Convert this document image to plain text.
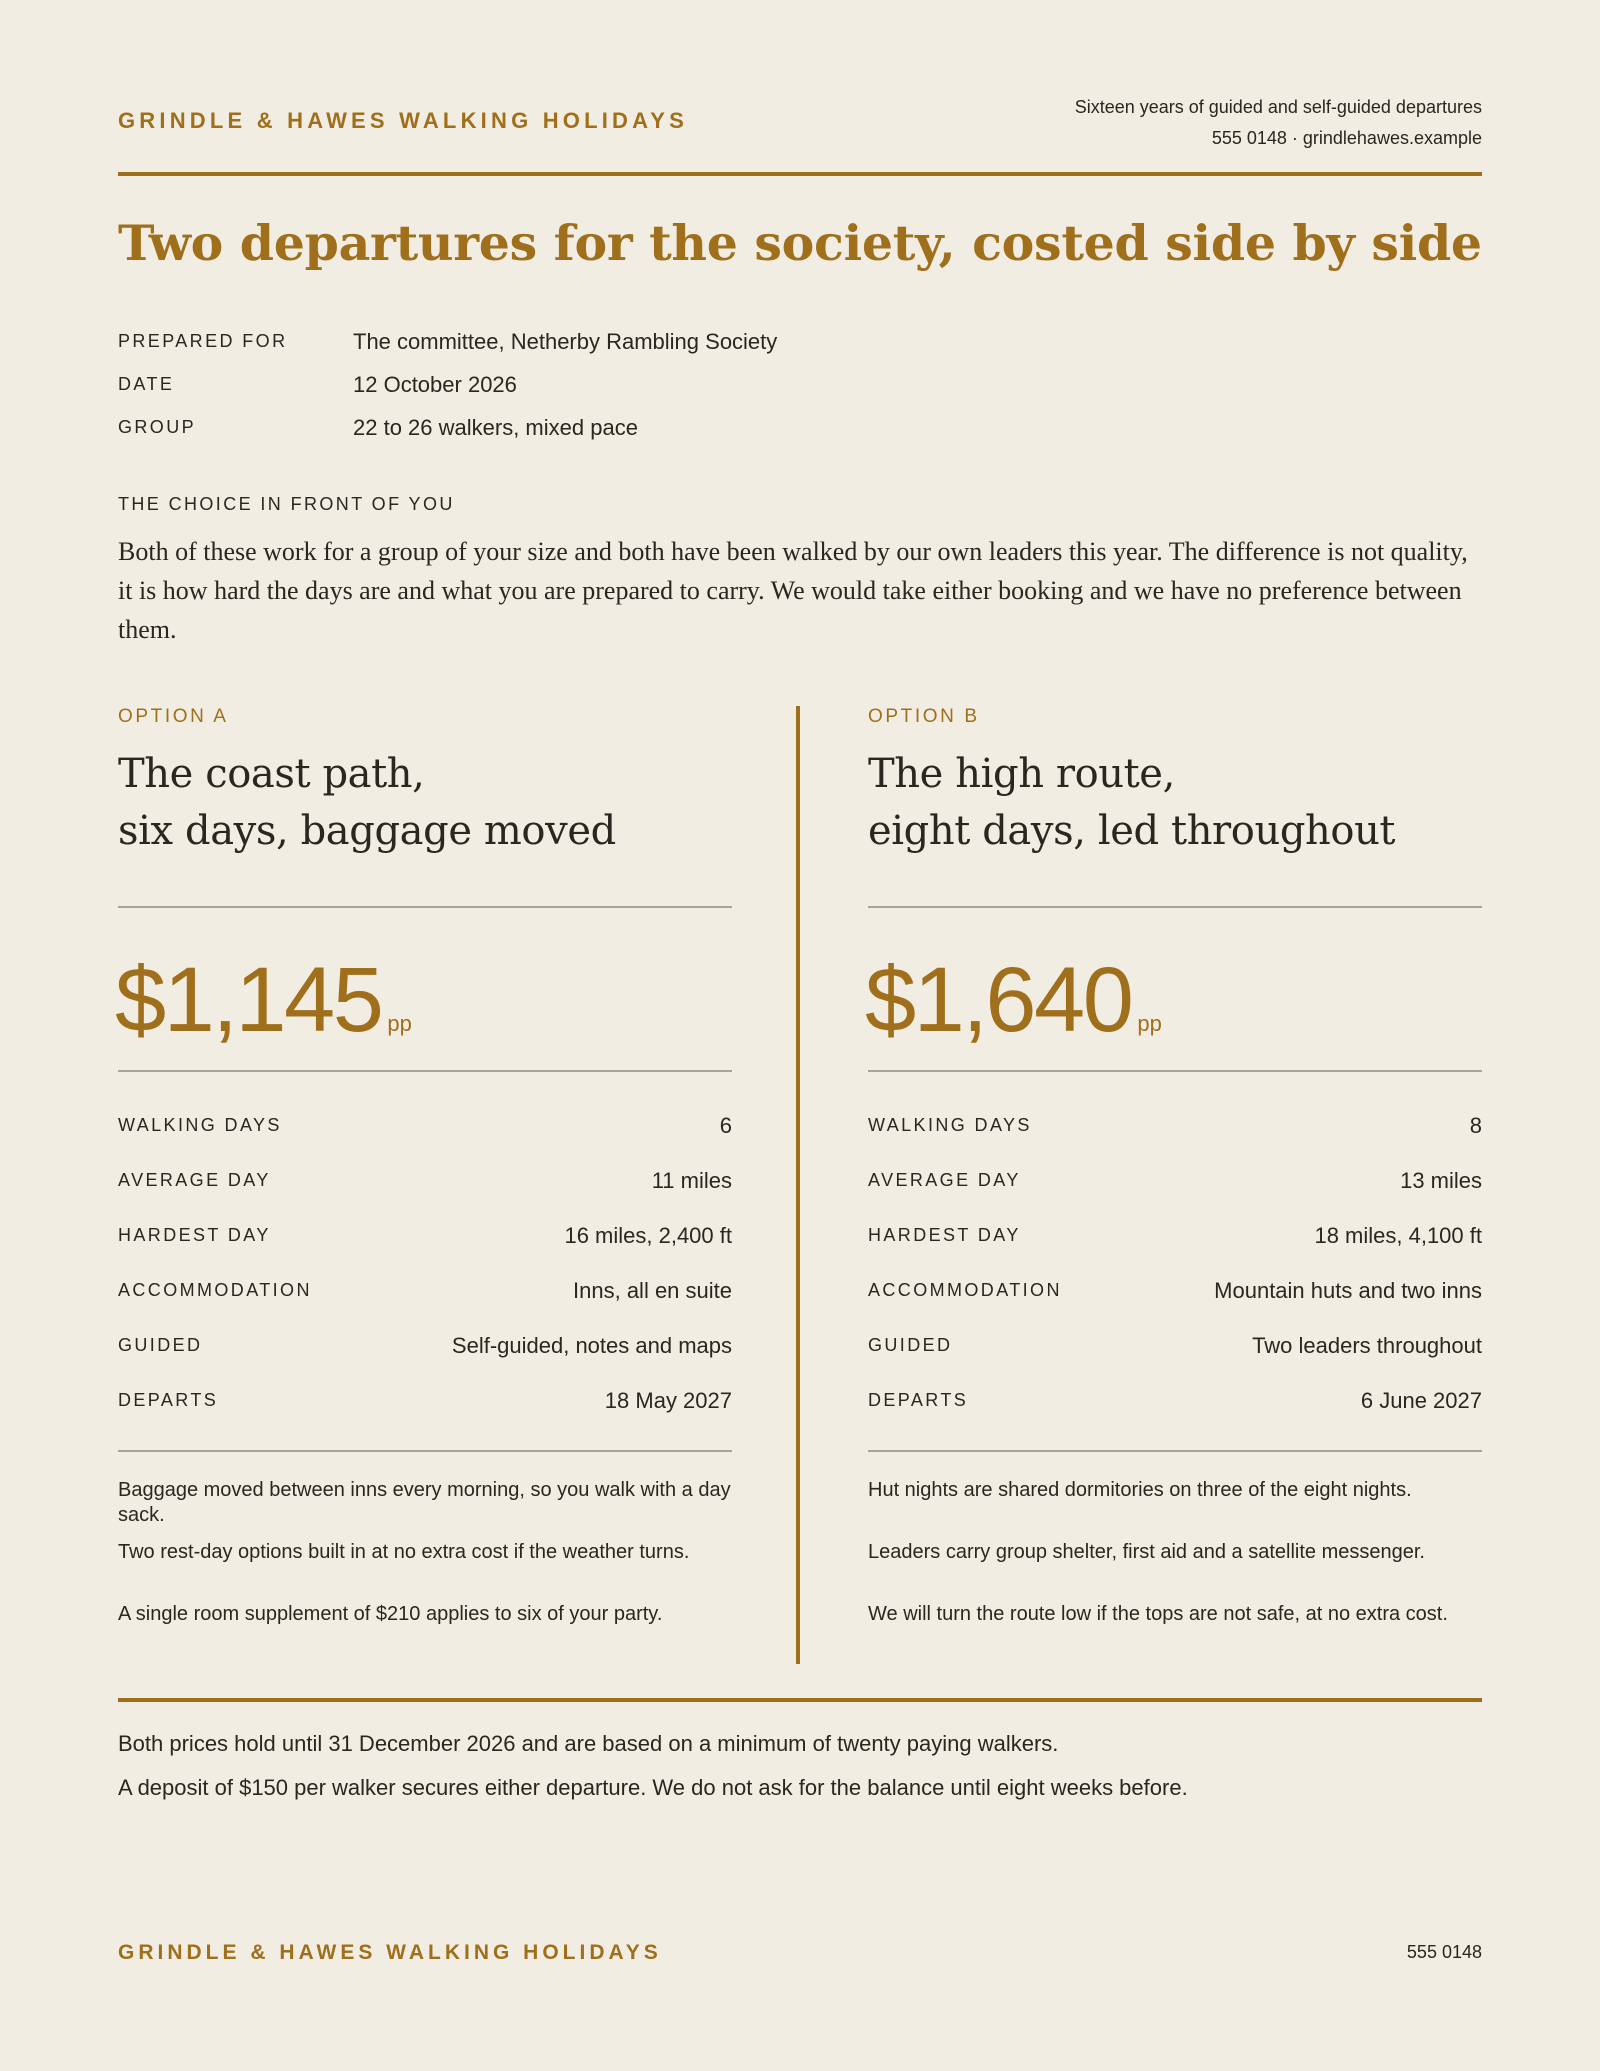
GRINDLE & HAWES WALKING HOLIDAYS
Sixteen years of guided and self-guided departures
555 0148 · grindlehawes.example
Two departures for the society, costed side by side
PREPARED FOR	The committee, Netherby Rambling Society
DATE	12 October 2026
GROUP	22 to 26 walkers, mixed pace
THE CHOICE IN FRONT OF YOU

Both of these work for a group of your size and both have been walked by our own leaders this year. The difference is not quality, it is how hard the days are and what you are prepared to carry. We would take either booking and we have no preference between them.

OPTION A
The coast path,
six days, baggage moved
$1,145 pp
WALKING DAYS	6
AVERAGE DAY	11 miles
HARDEST DAY	16 miles, 2,400 ft
ACCOMMODATION	Inns, all en suite
GUIDED	Self-guided, notes and maps
DEPARTS	18 May 2027

Baggage moved between inns every morning, so you walk with a day sack.

Two rest-day options built in at no extra cost if the weather turns.

A single room supplement of $210 applies to six of your party.

OPTION B
The high route,
eight days, led throughout
$1,640 pp
WALKING DAYS	8
AVERAGE DAY	13 miles
HARDEST DAY	18 miles, 4,100 ft
ACCOMMODATION	Mountain huts and two inns
GUIDED	Two leaders throughout
DEPARTS	6 June 2027

Hut nights are shared dormitories on three of the eight nights.

Leaders carry group shelter, first aid and a satellite messenger.

We will turn the route low if the tops are not safe, at no extra cost.

Both prices hold until 31 December 2026 and are based on a minimum of twenty paying walkers.

A deposit of $150 per walker secures either departure. We do not ask for the balance until eight weeks before.

GRINDLE & HAWES WALKING HOLIDAYS	555 0148
